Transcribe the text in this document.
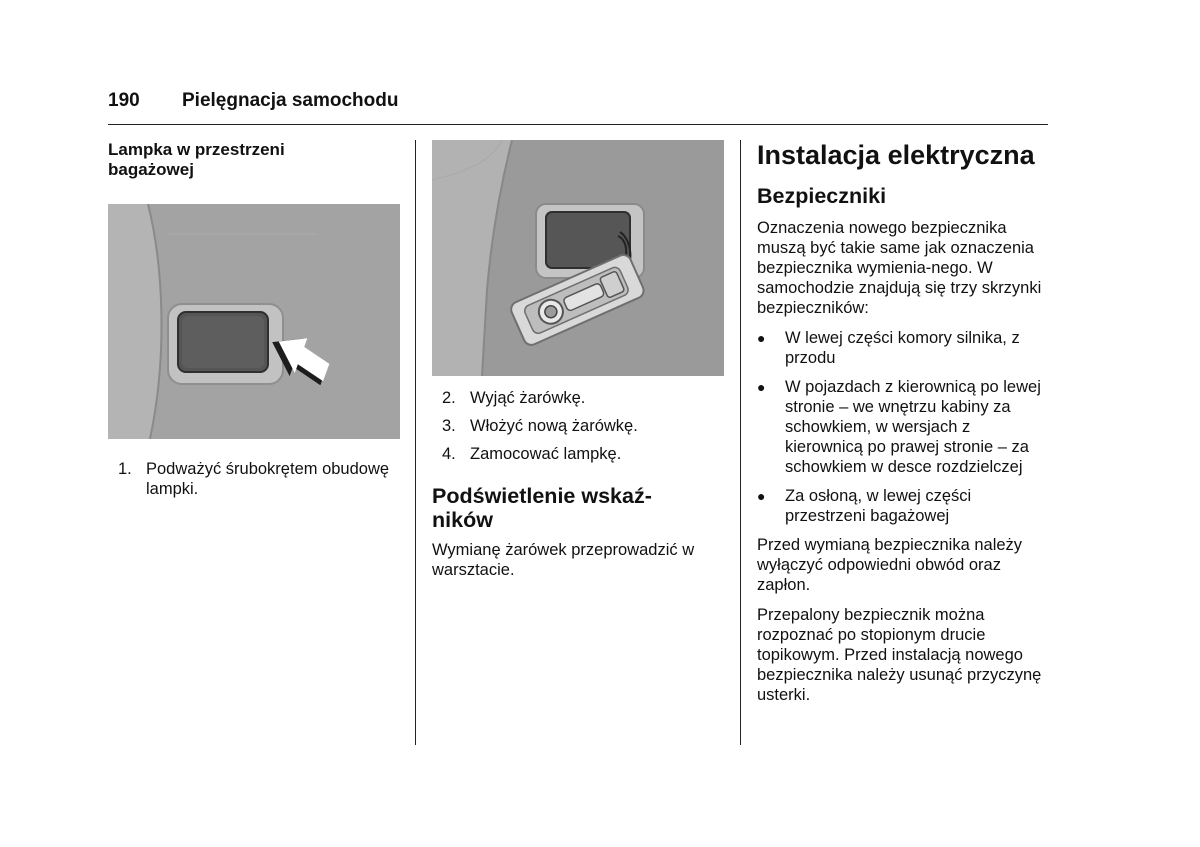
190 Pielęgnacja samochodu

Lampka w przestrzeni bagażowej

1. Podważyć śrubokrętem obudowę lampki.
2. Wyjąć żarówkę.
3. Włożyć nową żarówkę.
4. Zamocować lampkę.

Podświetlenie wskaź-
ników

Wymianę żarówek przeprowadzić w warsztacie.

Instalacja elektryczna

Bezpieczniki

Oznaczenia nowego bezpiecznika muszą być takie same jak oznaczenia bezpiecznika wymienia-nego. W samochodzie znajdują się trzy skrzynki bezpieczników:

●	W lewej części komory silnika, z przodu
●	W pojazdach z kierownicą po lewej stronie – we wnętrzu kabiny za schowkiem, w wersjach z kierownicą po prawej stronie – za schowkiem w desce rozdzielczej
●	Za osłoną, w lewej części przestrzeni bagażowej

Przed wymianą bezpiecznika należy wyłączyć odpowiedni obwód oraz zapłon.

Przepalony bezpiecznik można rozpoznać po stopionym drucie topikowym. Przed instalacją nowego bezpiecznika należy usunąć przyczynę usterki.
